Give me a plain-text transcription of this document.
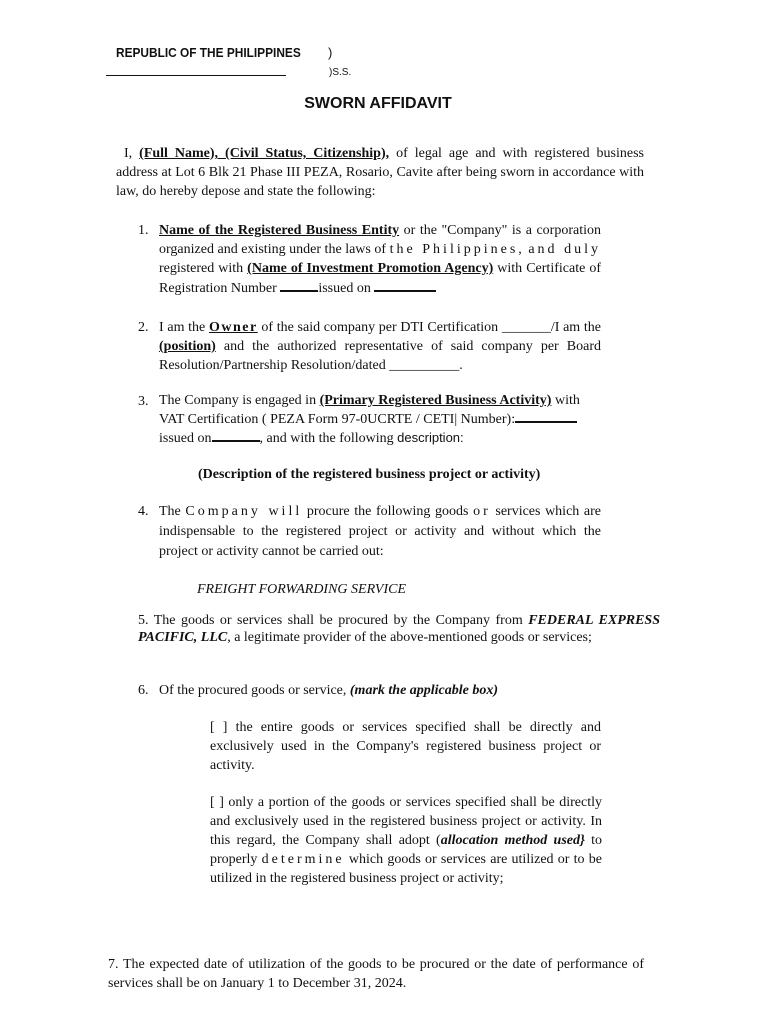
REPUBLIC OF THE PHILIPPINES )
)S.S.
SWORN AFFIDAVIT
I, (Full Name), (Civil Status, Citizenship), of legal age and with registered business address at Lot 6 Blk 21 Phase III PEZA, Rosario, Cavite after being sworn in accordance with law, do hereby depose and state the following:
1. Name of the Registered Business Entity or the "Company" is a corporation organized and existing under the laws of the Philippines, and duly registered with (Name of Investment Promotion Agency) with Certificate of Registration Number	issued on
2. I am the Owner of the said company per DTI Certification _______/I am the (position) and the authorized representative of said company per Board Resolution/Partnership Resolution/dated __________.
3. The Company is engaged in (Primary Registered Business Activity) with VAT Certification ( PEZA Form 97-0UCRTE / CETI| Number):
issued on	, and with the following description:
(Description of the registered business project or activity)
4. The Company will procure the following goods or services which are indispensable to the registered project or activity and without which the project or activity cannot be carried out:
FREIGHT FORWARDING SERVICE
5. The goods or services shall be procured by the Company from FEDERAL EXPRESS PACIFIC, LLC, a legitimate provider of the above-mentioned goods or services;
6. Of the procured goods or service, (mark the applicable box)
[ ] the entire goods or services specified shall be directly and exclusively used in the Company's registered business project or activity.
[ ] only a portion of the goods or services specified shall be directly and exclusively used in the registered business project or activity. In this regard, the Company shall adopt (allocation method used} to properly determine which goods or services are utilized or to be utilized in the registered business project or activity;
7. The expected date of utilization of the goods to be procured or the date of performance of services shall be on January 1 to December 31, 2024.
